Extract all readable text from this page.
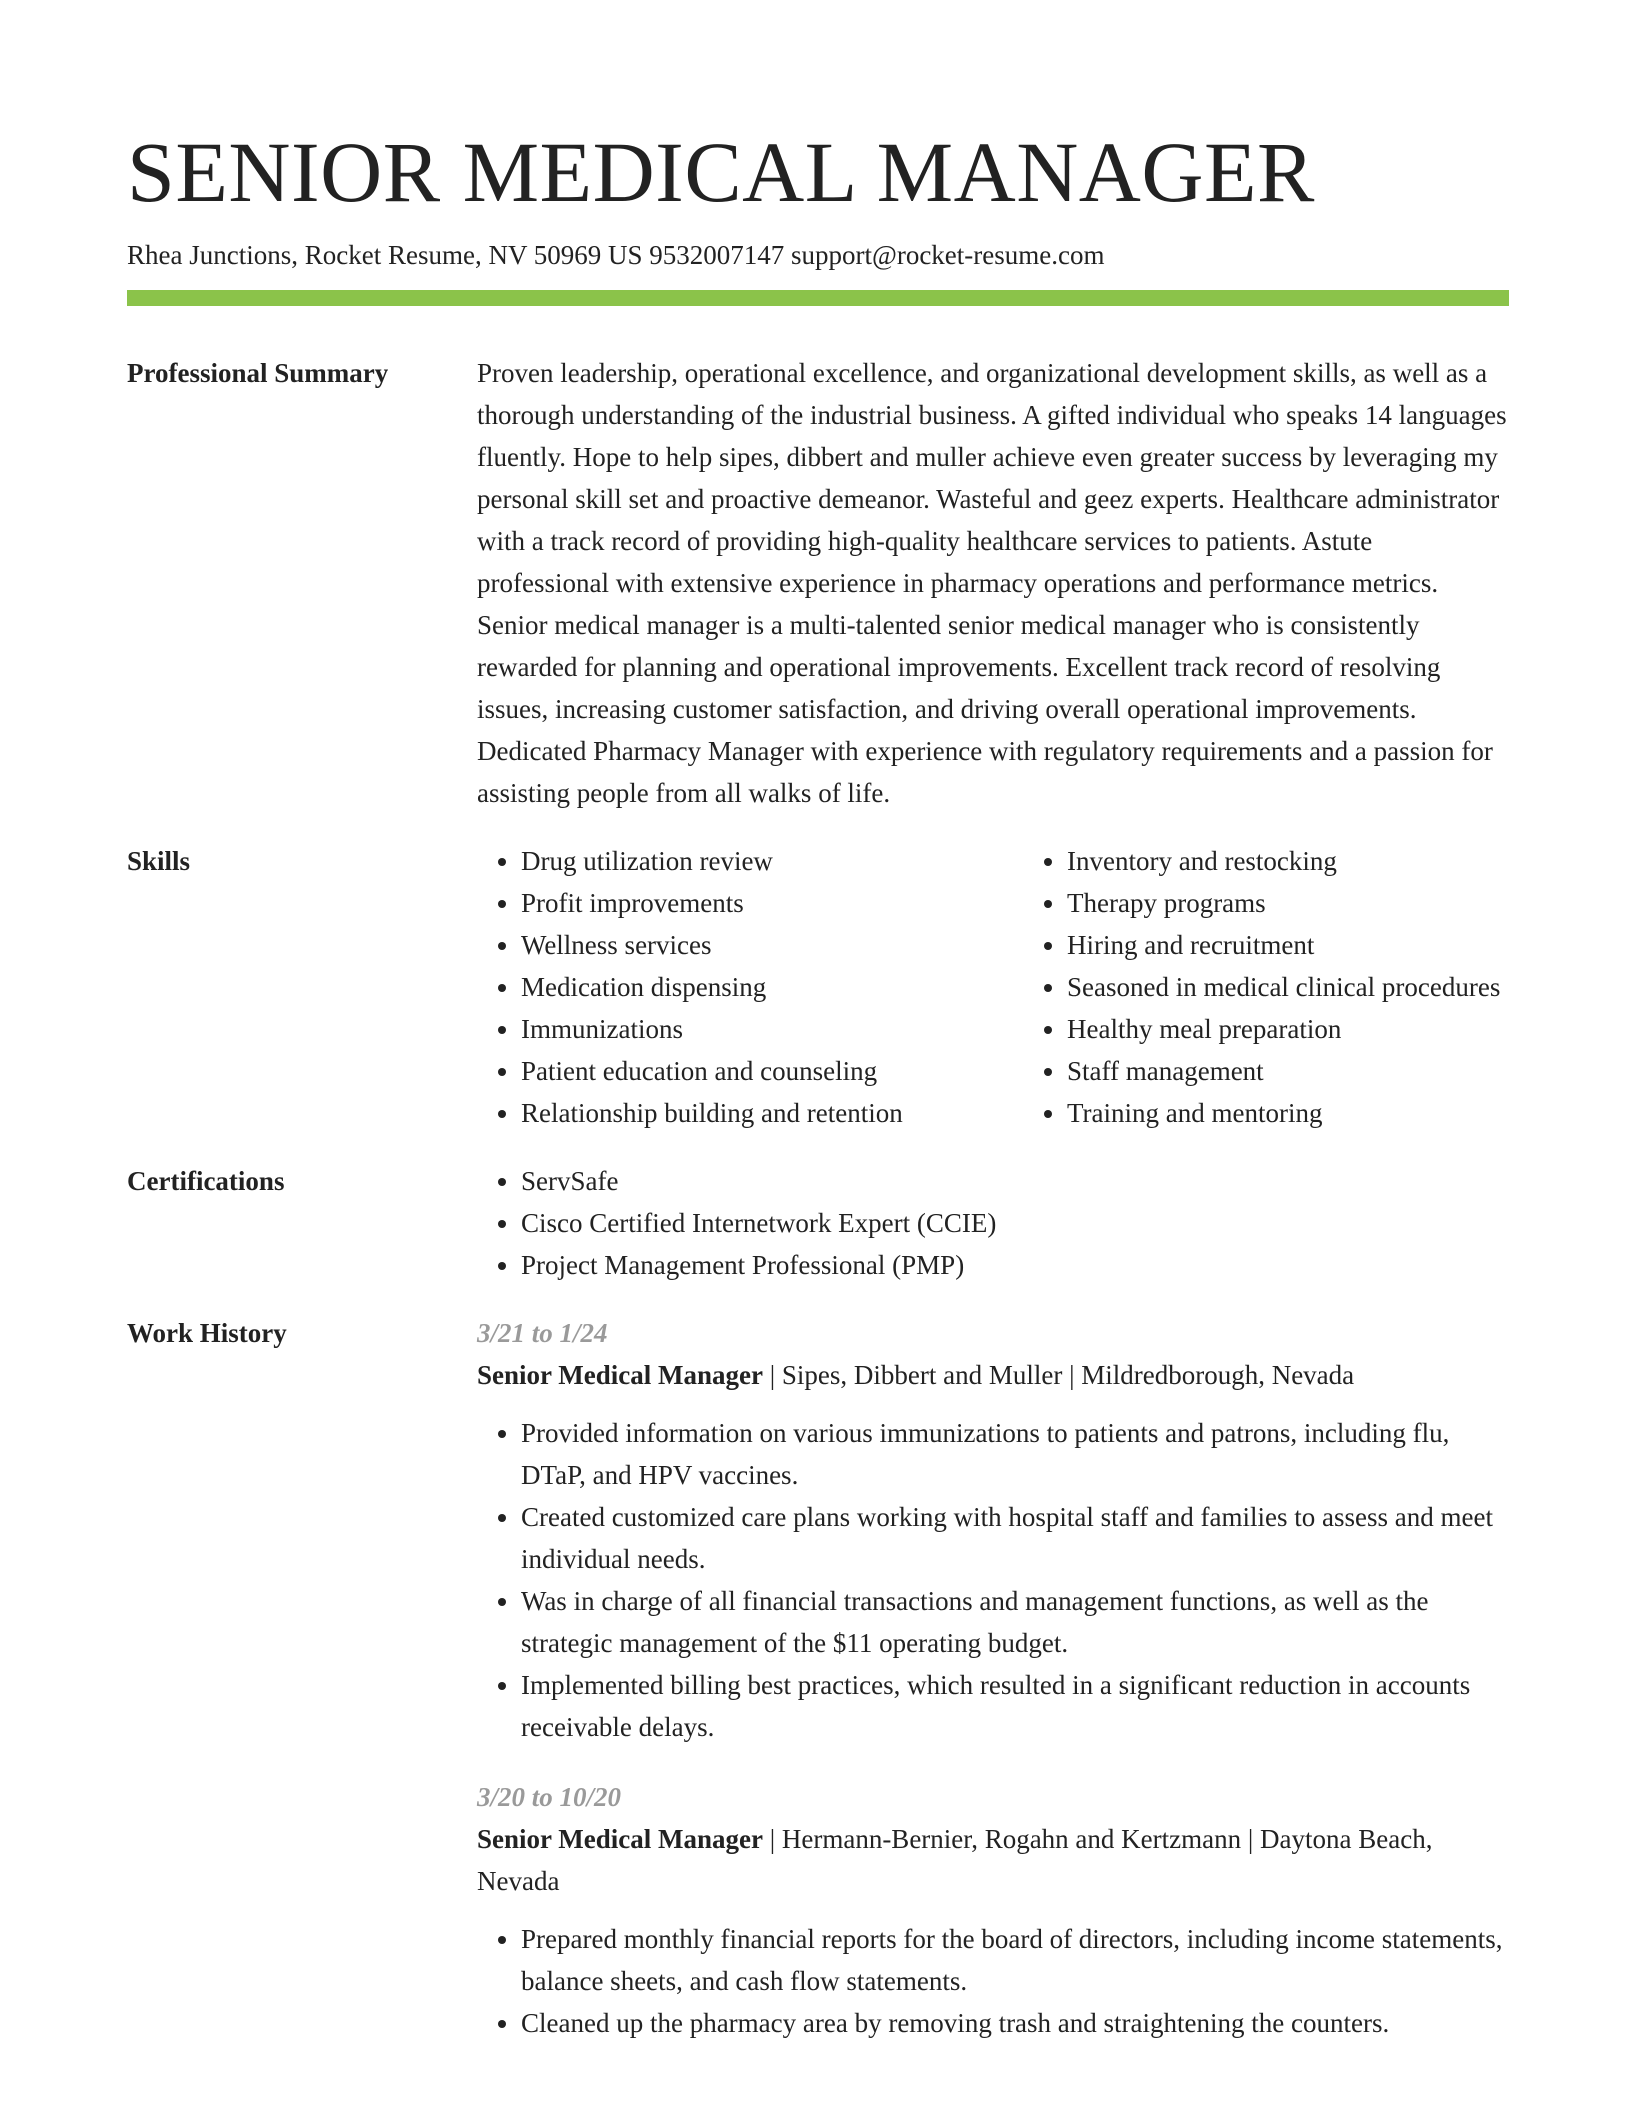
SENIOR MEDICAL MANAGER
Rhea Junctions, Rocket Resume, NV 50969 US 9532007147 support@rocket-resume.com
Professional Summary	Proven leadership, operational excellence, and organizational development skills, as well as a thorough understanding of the industrial business. A gifted individual who speaks 14 languages fluently. Hope to help sipes, dibbert and muller achieve even greater success by leveraging my personal skill set and proactive demeanor. Wasteful and geez experts. Healthcare administrator with a track record of providing high-quality healthcare services to patients. Astute professional with extensive experience in pharmacy operations and performance metrics. Senior medical manager is a multi-talented senior medical manager who is consistently rewarded for planning and operational improvements. Excellent track record of resolving issues, increasing customer satisfaction, and driving overall operational improvements. Dedicated Pharmacy Manager with experience with regulatory requirements and a passion for assisting people from all walks of life.

Skills	• Drug utilization review
• Profit improvements
• Wellness services
• Medication dispensing
• Immunizations
• Patient education and counseling
• Relationship building and retention
• Inventory and restocking
• Therapy programs
• Hiring and recruitment
• Seasoned in medical clinical procedures
• Healthy meal preparation
• Staff management
• Training and mentoring
Certifications	• ServSafe
• Cisco Certified Internetwork Expert (CCIE)
• Project Management Professional (PMP)
Work History	3/21 to 1/24
Senior Medical Manager | Sipes, Dibbert and Muller | Mildredborough, Nevada
• Provided information on various immunizations to patients and patrons, including flu, DTaP, and HPV vaccines.
• Created customized care plans working with hospital staff and families to assess and meet individual needs.
• Was in charge of all financial transactions and management functions, as well as the strategic management of the $11 operating budget.
• Implemented billing best practices, which resulted in a significant reduction in accounts receivable delays.
3/20 to 10/20
Senior Medical Manager | Hermann-Bernier, Rogahn and Kertzmann | Daytona Beach, Nevada
• Prepared monthly financial reports for the board of directors, including income statements, balance sheets, and cash flow statements.
• Cleaned up the pharmacy area by removing trash and straightening the counters.
